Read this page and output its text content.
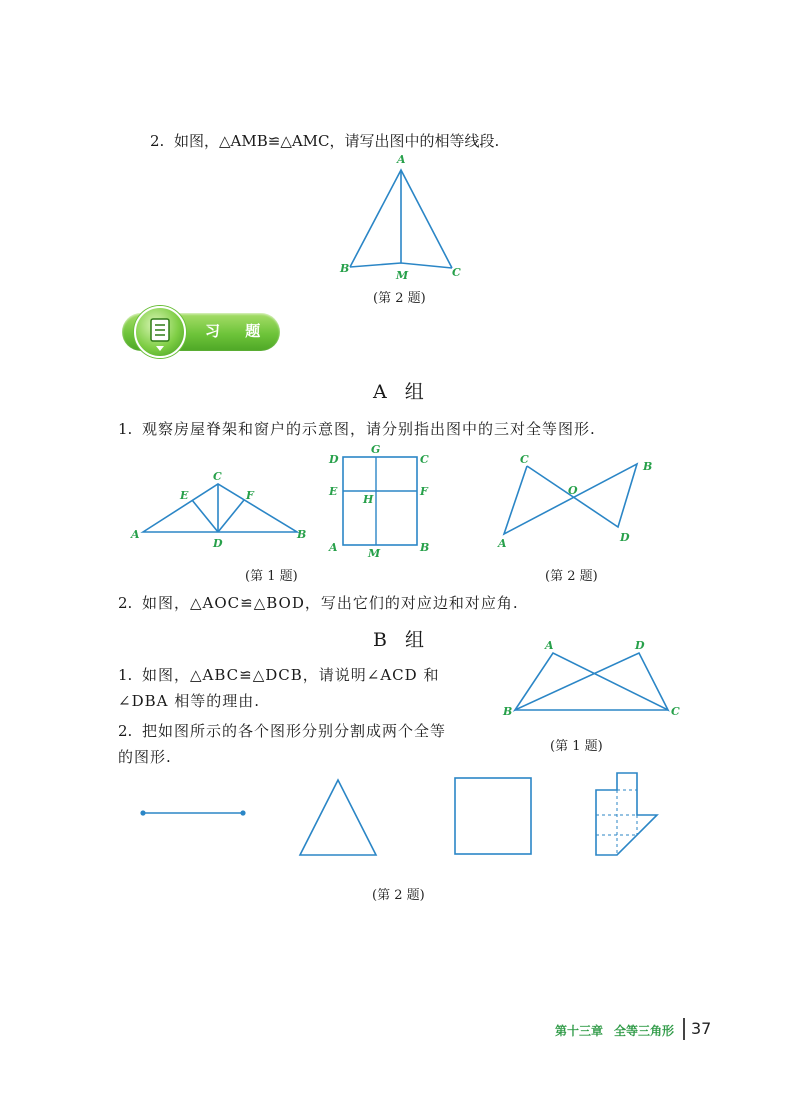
2. 如图，△AMB≌△AMC，请写出图中的相等线段.
A
B
M	C
(第 2 题)
习 题
A 组
1. 观察房屋脊架和窗户的示意图，请分别指出图中的三对全等图形.
A	B
C
D
E	F
D
G
C
E	F
H
A	M	B	A
B
C
D
O
(第 1 题)	(第 2 题)
2. 如图，△AOC≌△BOD，写出它们的对应边和对应角.
B 组
1. 如图，△ABC≌△DCB，请说明∠ACD 和
∠DBA 相等的理由.
2. 把如图所示的各个图形分别分割成两个全等
的图形.
A
B	C
D
(第 1 题)
(第 2 题)
第十三章 全等三角形 37
